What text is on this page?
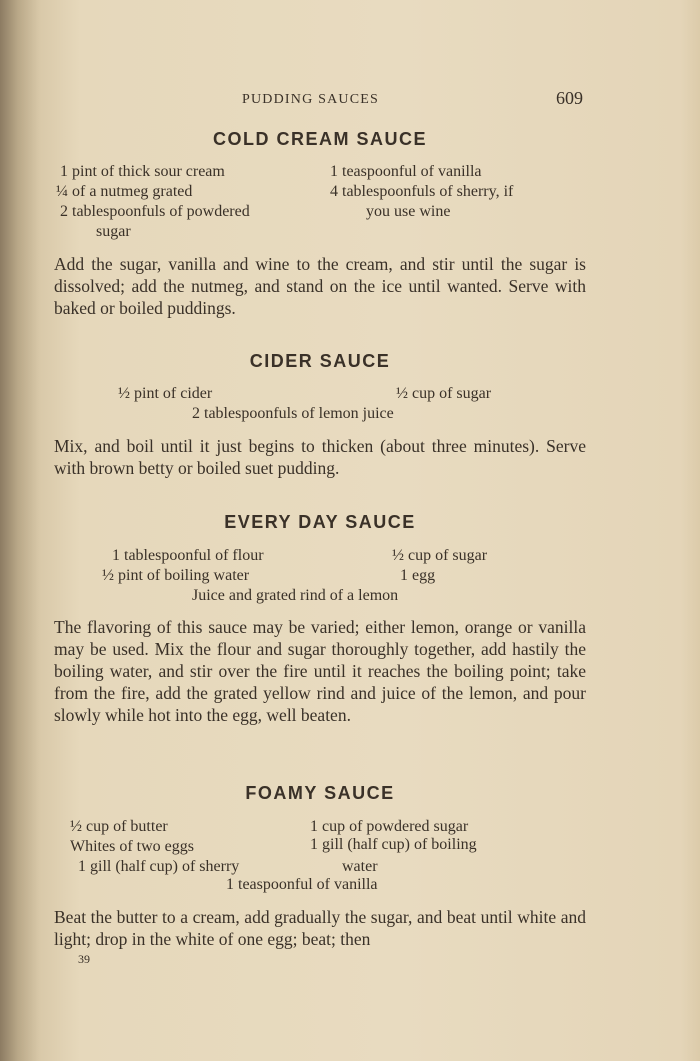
PUDDING SAUCES	609
COLD CREAM SAUCE
1 pint of thick sour cream	1 teaspoonful of vanilla
¼ of a nutmeg grated	4 tablespoonfuls of sherry, if
2 tablespoonfuls of powdered	you use wine
sugar
Add the sugar, vanilla and wine to the cream, and stir until the sugar is dissolved; add the nutmeg, and stand on the ice until wanted. Serve with baked or boiled puddings.
CIDER SAUCE
½ pint of cider	½ cup of sugar
2 tablespoonfuls of lemon juice
Mix, and boil until it just begins to thicken (about three minutes). Serve with brown betty or boiled suet pudding.
EVERY DAY SAUCE
1 tablespoonful of flour	½ cup of sugar
½ pint of boiling water	1 egg
Juice and grated rind of a lemon
The flavoring of this sauce may be varied; either lemon, orange or vanilla may be used. Mix the flour and sugar thoroughly together, add hastily the boiling water, and stir over the fire until it reaches the boiling point; take from the fire, add the grated yellow rind and juice of the lemon, and pour slowly while hot into the egg, well beaten.
FOAMY SAUCE
½ cup of butter	1 cup of powdered sugar
Whites of two eggs	1 gill (half cup) of boiling
1 gill (half cup) of sherry	water
1 teaspoonful of vanilla
Beat the butter to a cream, add gradually the sugar, and beat until white and light; drop in the white of one egg; beat; then
39
